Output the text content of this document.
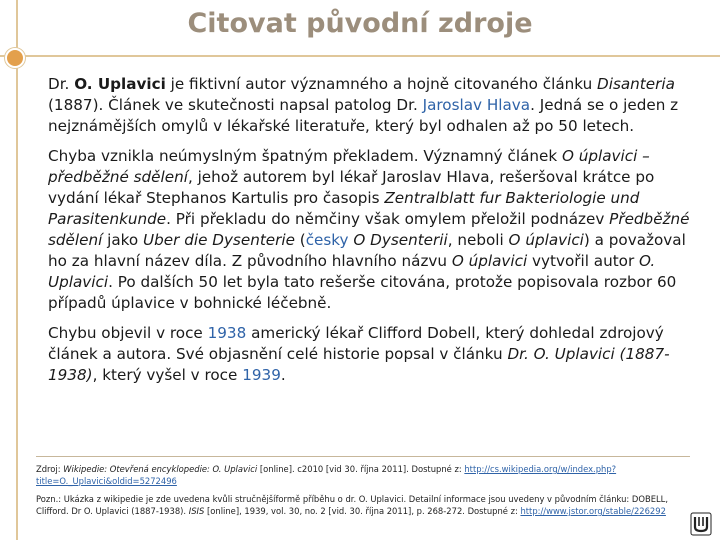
Citovat původní zdroje

Dr. O. Uplavici je fiktivní autor významného a hojně citovaného článku Disanteria (1887). Článek ve skutečnosti napsal patolog Dr. Jaroslav Hlava. Jedná se o jeden z nejznámějších omylů v lékařské literatuře, který byl odhalen až po 50 letech.

Chyba vznikla neúmyslným špatným překladem. Významný článek O úplavici – předběžné sdělení, jehož autorem byl lékař Jaroslav Hlava, rešeršoval krátce po vydání lékař Stephanos Kartulis pro časopis Zentralblatt fur Bakteriologie und Parasitenkunde. Při překladu do němčiny však omylem přeložil podnázev Předběžné sdělení jako Uber die Dysenterie (česky O Dysenterii, neboli O úplavici) a považoval ho za hlavní název díla. Z původního hlavního názvu O úplavici vytvořil autor O. Uplavici. Po dalších 50 let byla tato rešerše citována, protože popisovala rozbor 60 případů úplavice v bohnické léčebně.

Chybu objevil v roce 1938 americký lékař Clifford Dobell, který dohledal zdrojový článek a autora. Své objasnění celé historie popsal v článku Dr. O. Uplavici (1887-1938), který vyšel v roce 1939.

Zdroj: Wikipedie: Otevřená encyklopedie: O. Uplavici [online]. c2010 [vid 30. října 2011]. Dostupné z: http://cs.wikipedia.org/w/index.php?title=O._Uplavici&oldid=5272496
Pozn.: Ukázka z wikipedie je zde uvedena kvůli stručnějšíformě příběhu o dr. O. Uplavici. Detailní informace jsou uvedeny v původním článku: DOBELL, Clifford. Dr O. Uplavici (1887-1938). ISIS [online], 1939, vol. 30, no. 2 [vid. 30. října 2011], p. 268-272. Dostupné z: http://www.jstor.org/stable/226292
